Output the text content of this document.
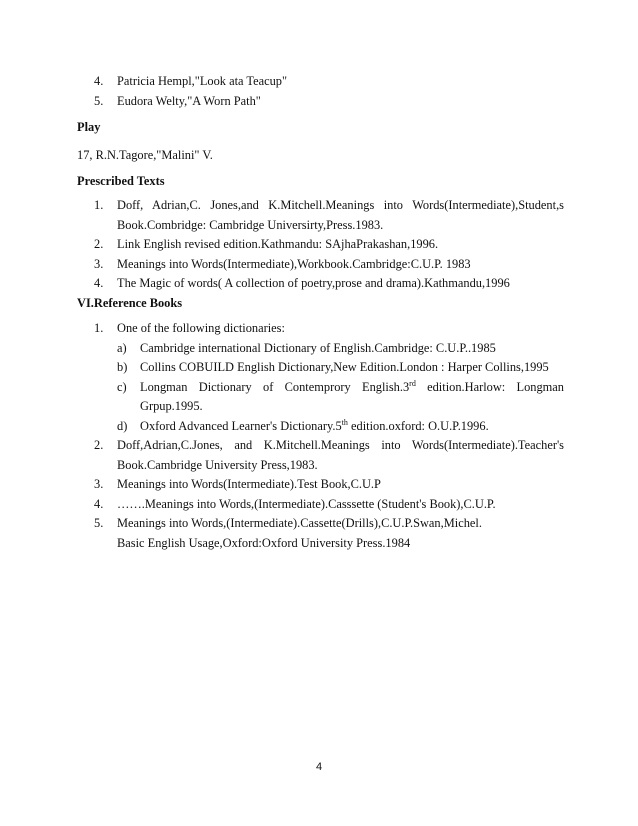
4. Patricia Hempl,"Look ata Teacup"
5. Eudora Welty,"A Worn Path"
Play
17, R.N.Tagore,"Malini" V.
Prescribed Texts
1. Doff, Adrian,C. Jones,and K.Mitchell.Meanings into Words(Intermediate),Student,s
Book.Combridge: Cambridge Universirty,Press.1983.
2. Link English revised edition.Kathmandu: SAjhaPrakashan,1996.
3. Meanings into Words(Intermediate),Workbook.Cambridge:C.U.P. 1983
4. The Magic of words( A collection of poetry,prose and drama).Kathmandu,1996
VI.Reference Books
1. One of the following dictionaries:
a) Cambridge international Dictionary of English.Cambridge: C.U.P..1985
b) Collins COBUILD English Dictionary,New Edition.London : Harper Collins,1995
c) Longman Dictionary of Contemprory English.3rd edition.Harlow: Longman
Grpup.1995.
d) Oxford Advanced Learner's Dictionary.5th edition.oxford: O.U.P.1996.
2. Doff,Adrian,C.Jones, and K.Mitchell.Meanings into Words(Intermediate).Teacher's
Book.Cambridge University Press,1983.
3. Meanings into Words(Intermediate).Test Book,C.U.P
4. …….Meanings into Words,(Intermediate).Casssette (Student's Book),C.U.P.
5. Meanings into Words,(Intermediate).Cassette(Drills),C.U.P.Swan,Michel.
Basic English Usage,Oxford:Oxford University Press.1984
4
